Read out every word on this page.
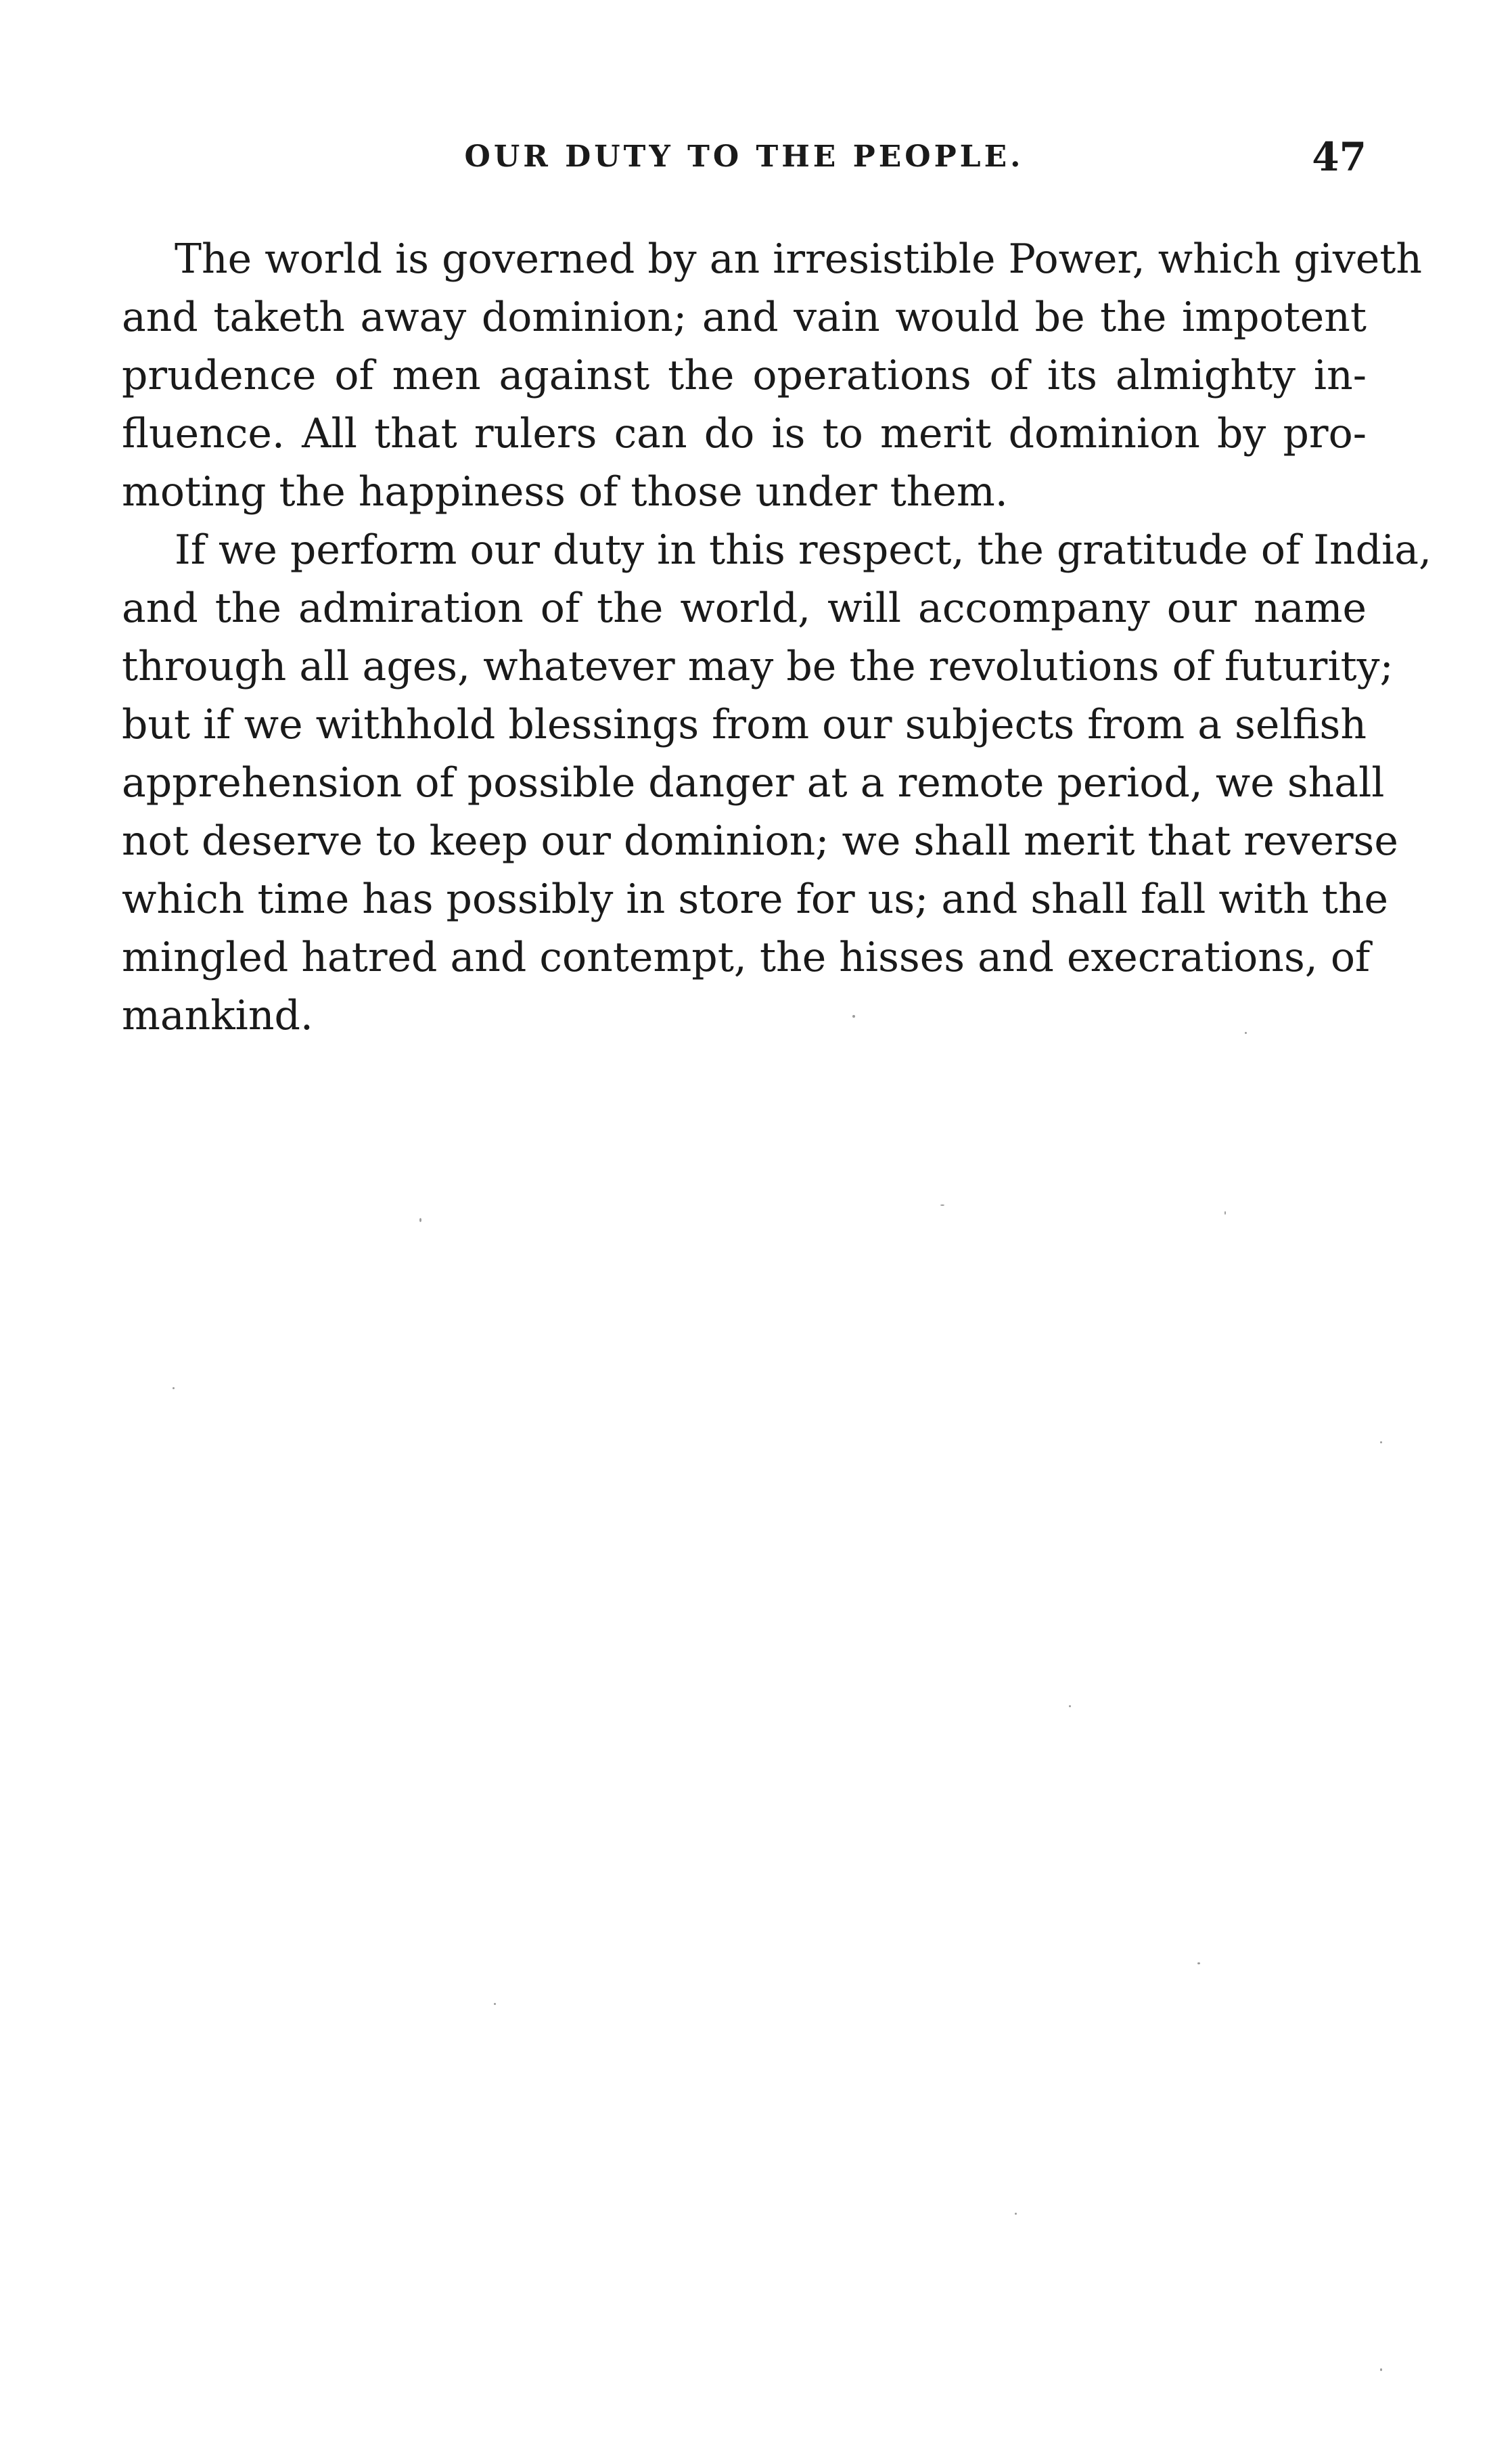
OUR DUTY TO THE PEOPLE.	47
The world is governed by an irresistible Power, which giveth
and taketh away dominion; and vain would be the impotent
prudence of men against the operations of its almighty in-
fluence. All that rulers can do is to merit dominion by pro-
moting the happiness of those under them.
If we perform our duty in this respect, the gratitude of India,
and the admiration of the world, will accompany our name
through all ages, whatever may be the revolutions of futurity;
but if we withhold blessings from our subjects from a selfish
apprehension of possible danger at a remote period, we shall
not deserve to keep our dominion; we shall merit that reverse
which time has possibly in store for us; and shall fall with the
mingled hatred and contempt, the hisses and execrations, of
mankind.
